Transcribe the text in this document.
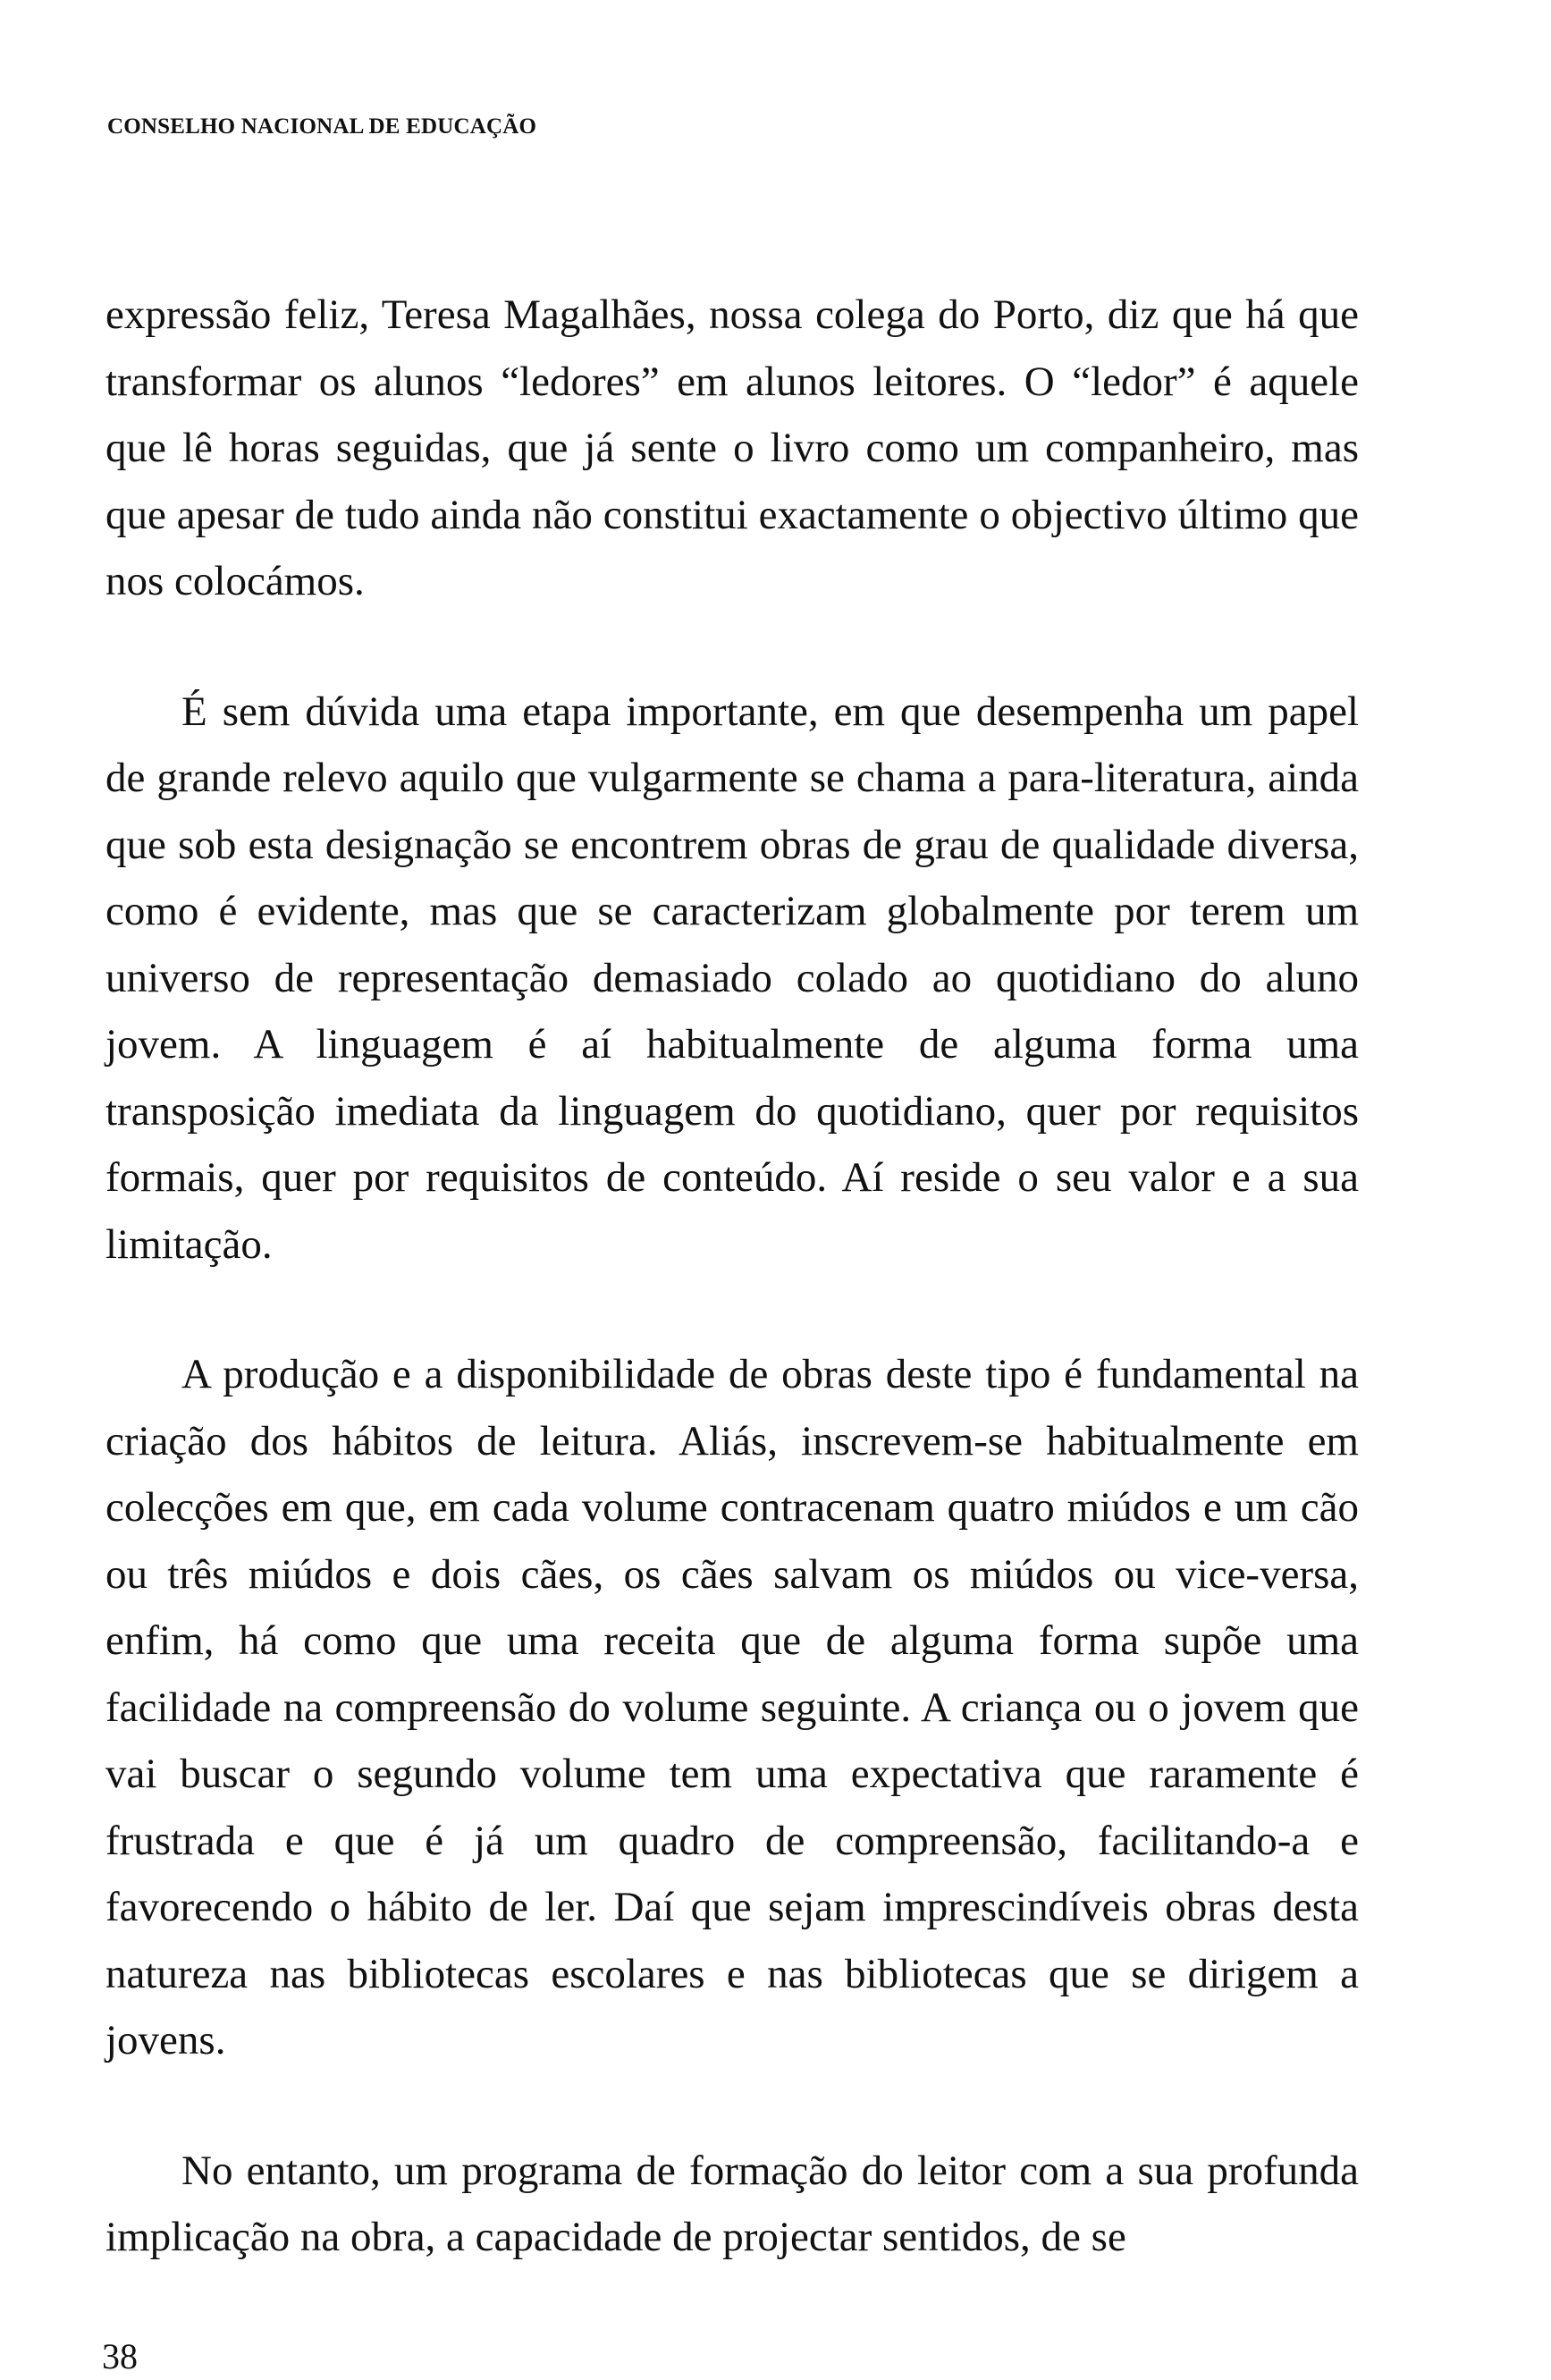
CONSELHO NACIONAL DE EDUCAÇÃO

expressão feliz, Teresa Magalhães, nossa colega do Porto, diz que há que transformar os alunos “ledores” em alunos leitores. O “ledor” é aquele que lê horas seguidas, que já sente o livro como um companheiro, mas que apesar de tudo ainda não constitui exactamente o objectivo último que nos colocámos.

É sem dúvida uma etapa importante, em que desempenha um papel de grande relevo aquilo que vulgarmente se chama a para-literatura, ainda que sob esta designação se encontrem obras de grau de qualidade diversa, como é evidente, mas que se caracterizam globalmente por terem um universo de representação demasiado colado ao quotidiano do aluno jovem. A linguagem é aí habitualmente de alguma forma uma transposição imediata da linguagem do quotidiano, quer por requisitos formais, quer por requisitos de conteúdo. Aí reside o seu valor e a sua limitação.

A produção e a disponibilidade de obras deste tipo é fundamental na criação dos hábitos de leitura. Aliás, inscrevem-se habitualmente em colecções em que, em cada volume contracenam quatro miúdos e um cão ou três miúdos e dois cães, os cães salvam os miúdos ou vice-versa, enfim, há como que uma receita que de alguma forma supõe uma facilidade na compreensão do volume seguinte. A criança ou o jovem que vai buscar o segundo volume tem uma expectativa que raramente é frustrada e que é já um quadro de compreensão, facilitando-a e favorecendo o hábito de ler. Daí que sejam imprescindíveis obras desta natureza nas bibliotecas escolares e nas bibliotecas que se dirigem a jovens.

No entanto, um programa de formação do leitor com a sua profunda implicação na obra, a capacidade de projectar sentidos, de se

38
